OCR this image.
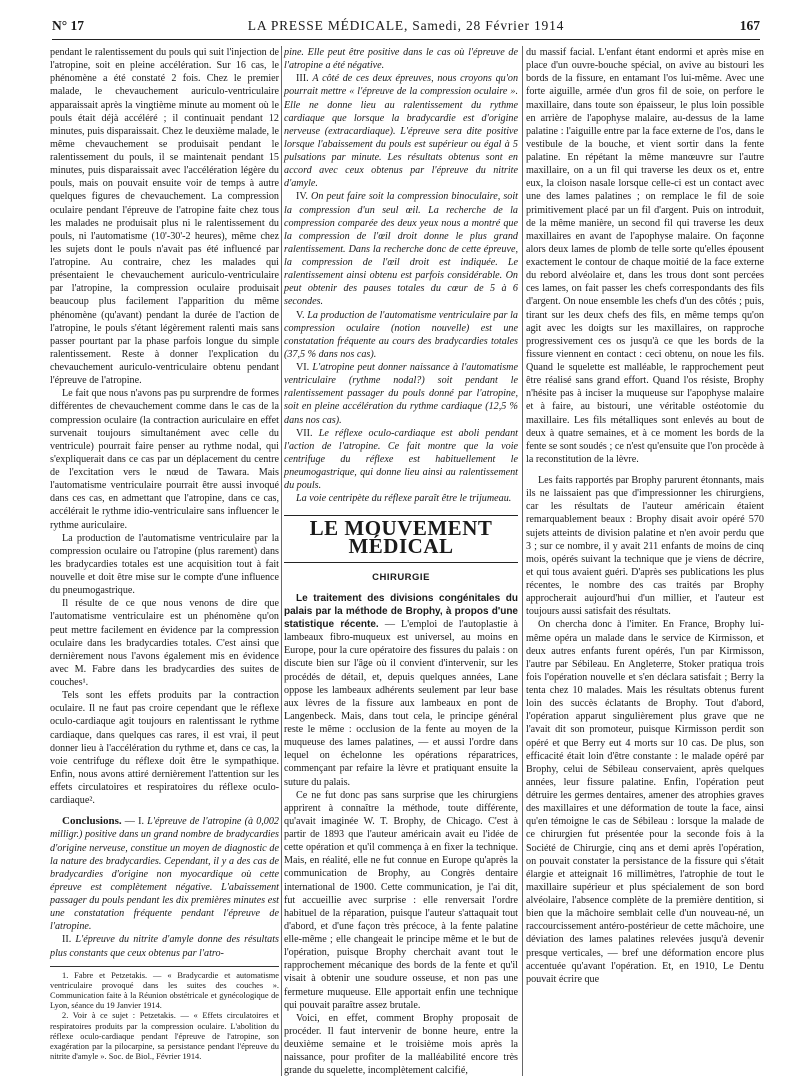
N° 17	LA PRESSE MÉDICALE, Samedi, 28 Février 1914	167

pendant le ralentissement du pouls qui suit l'injection de l'atropine, soit en pleine accélération. Sur 16 cas, le phénomène a été constaté 2 fois. Chez le premier malade, le chevauchement auriculo-ventriculaire apparaissait après la vingtième minute au moment où le pouls était déjà accéléré ; il continuait pendant 12 minutes, puis disparaissait. Chez le deuxième malade, le même chevauchement se produisait pendant le ralentissement du pouls, il se maintenait pendant 15 minutes, puis disparaissait avec l'accélération légère du pouls, mais on pouvait ensuite voir de temps à autre quelques figures de chevauchement. La compression oculaire pendant l'épreuve de l'atropine faite chez tous les malades ne produisait plus ni le ralentissement du pouls, ni l'automatisme (10'-30'-2 heures), même chez les sujets dont le pouls n'avait pas été influencé par l'atropine. Au contraire, chez les malades qui présentaient le chevauchement auriculo-ventriculaire par l'atropine, la compression oculaire produisait beaucoup plus facilement l'apparition du même phénomène (qu'avant) pendant la durée de l'action de l'atropine, le pouls s'étant légèrement ralenti mais sans passer pourtant par la phase parfois longue du simple ralentissement. Reste à donner l'explication du chevauchement auriculo-ventriculaire obtenu pendant l'épreuve de l'atropine.

Le fait que nous n'avons pas pu surprendre de formes différentes de chevauchement comme dans le cas de la compression oculaire (la contraction auriculaire en effet survenait toujours simultanément avec celle du ventricule) pourrait faire penser au rythme nodal, qui s'expliquerait dans ce cas par un déplacement du centre de l'excitation vers le nœud de Tawara. Mais l'automatisme ventriculaire pourrait être aussi invoqué dans ces cas, en admettant que l'atropine, dans ce cas, accélérait le rythme idio-ventriculaire sans influencer le rythme auriculaire.

La production de l'automatisme ventriculaire par la compression oculaire ou l'atropine (plus rarement) dans les bradycardies totales est une acquisition tout à fait nouvelle et doit être mise sur le compte d'une influence du pneumogastrique.

Il résulte de ce que nous venons de dire que l'automatisme ventriculaire est un phénomène qu'on peut mettre facilement en évidence par la compression oculaire dans les bradycardies totales. C'est ainsi que dernièrement nous l'avons également mis en évidence avec M. Fabre dans les bradycardies des suites de couches¹.

Tels sont les effets produits par la contraction oculaire. Il ne faut pas croire cependant que le réflexe oculo-cardiaque agit toujours en ralentissant le rythme cardiaque, dans quelques cas rares, il est vrai, il peut donner lieu à l'accélération du rythme et, dans ce cas, la voie centrifuge du réflexe doit être le sympathique. Enfin, nous avons attiré dernièrement l'attention sur les effets circulatoires et respiratoires du réflexe oculo-cardiaque².

Conclusions. — I. L'épreuve de l'atropine (à 0,002 milligr.) positive dans un grand nombre de bradycardies d'origine nerveuse, constitue un moyen de diagnostic de la nature des bradycardies. Cependant, il y a des cas de bradycardies d'origine non myocardique où cette épreuve est complètement négative. L'abaissement passager du pouls pendant les dix premières minutes est une constatation fréquente pendant l'épreuve de l'atropine.

II. L'épreuve du nitrite d'amyle donne des résultats plus constants que ceux obtenus par l'atro-

1. Fabre et Petzetakis. — « Bradycardie et automatisme ventriculaire provoqué dans les suites des couches ». Communication faite à la Réunion obstétricale et gynécologique de Lyon, séance du 19 Janvier 1914.

2. Voir à ce sujet : Petzetakis. — « Effets circulatoires et respiratoires produits par la compression oculaire. L'abolition du réflexe oculo-cardiaque pendant l'épreuve de l'atropine, son exagération par la pilocarpine, sa persistance pendant l'épreuve du nitrite d'amyle ». Soc. de Biol., Février 1914.

pine. Elle peut être positive dans le cas où l'épreuve de l'atropine a été négative.

III. A côté de ces deux épreuves, nous croyons qu'on pourrait mettre « l'épreuve de la compression oculaire ». Elle ne donne lieu au ralentissement du rythme cardiaque que lorsque la bradycardie est d'origine nerveuse (extracardiaque). L'épreuve sera dite positive lorsque l'abaissement du pouls est supérieur ou égal à 5 pulsations par minute. Les résultats obtenus sont en accord avec ceux obtenus par l'épreuve du nitrite d'amyle.

IV. On peut faire soit la compression binoculaire, soit la compression d'un seul œil. La recherche de la compression comparée des deux yeux nous a montré que la compression de l'œil droit donne le plus grand ralentissement. Dans la recherche donc de cette épreuve, la compression de l'œil droit est indiquée. Le ralentissement ainsi obtenu est parfois considérable. On peut obtenir des pauses totales du cœur de 5 à 6 secondes.

V. La production de l'automatisme ventriculaire par la compression oculaire (notion nouvelle) est une constatation fréquente au cours des bradycardies totales (37,5 % dans nos cas).

VI. L'atropine peut donner naissance à l'automatisme ventriculaire (rythme nodal?) soit pendant le ralentissement passager du pouls donné par l'atropine, soit en pleine accélération du rythme cardiaque (12,5 % dans nos cas).

VII. Le réflexe oculo-cardiaque est aboli pendant l'action de l'atropine. Ce fait montre que la voie centrifuge du réflexe est habituellement le pneumogastrique, qui donne lieu ainsi au ralentissement du pouls.

La voie centripète du réflexe paraît être le trijumeau.

LE MOUVEMENT MÉDICAL
CHIRURGIE

Le traitement des divisions congénitales du palais par la méthode de Brophy, à propos d'une statistique récente. — L'emploi de l'autoplastie à lambeaux fibro-muqueux est universel, au moins en Europe, pour la cure opératoire des fissures du palais : on discute bien sur l'âge où il convient d'intervenir, sur les procédés de détail, et, depuis quelques années, Lane oppose les lambeaux adhérents seulement par leur base aux lèvres de la fissure aux lambeaux en pont de Langenbeck. Mais, dans tout cela, le principe général reste le même : occlusion de la fente au moyen de la muqueuse des lames palatines, — et aussi l'ordre dans lequel on échelonne les opérations réparatrices, commençant par refaire la lèvre et pratiquant ensuite la suture du palais.

Ce ne fut donc pas sans surprise que les chirurgiens apprirent à connaître la méthode, toute différente, qu'avait imaginée W. T. Brophy, de Chicago. C'est à partir de 1893 que l'auteur américain avait eu l'idée de cette opération et qu'il commença à en fixer la technique. Mais, en réalité, elle ne fut connue en Europe qu'après la communication de Brophy, au Congrès dentaire international de 1900. Cette communication, je l'ai dit, fut accueillie avec surprise : elle renversait l'ordre habituel de la réparation, puisque l'auteur s'attaquait tout d'abord, et d'une façon très précoce, à la fente palatine elle-même ; elle changeait le principe même et le but de l'opération, puisque Brophy cherchait avant tout le rapprochement mécanique des bords de la fente et qu'il visait à obtenir une soudure osseuse, et non pas une fermeture muqueuse. Elle apportait enfin une technique qui pouvait paraître assez brutale.

Voici, en effet, comment Brophy proposait de procéder. Il faut intervenir de bonne heure, entre la deuxième semaine et le troisième mois après la naissance, pour profiter de la malléabilité encore très grande du squelette, incomplètement calcifié,

du massif facial. L'enfant étant endormi et après mise en place d'un ouvre-bouche spécial, on avive au bistouri les bords de la fissure, en entamant l'os lui-même. Avec une forte aiguille, armée d'un gros fil de soie, on perfore le maxillaire, dans toute son épaisseur, le plus loin possible en arrière de l'apophyse malaire, au-dessus de la lame palatine : l'aiguille entre par la face externe de l'os, dans le vestibule de la bouche, et vient sortir dans la fente palatine. En répétant la même manœuvre sur l'autre maxillaire, on a un fil qui traverse les deux os et, entre eux, la cloison nasale lorsque celle-ci est un contact avec une des lames palatines ; on remplace le fil de soie primitivement placé par un fil d'argent. Puis on introduit, de la même manière, un second fil qui traverse les deux maxillaires en avant de l'apophyse malaire. On façonne alors deux lames de plomb de telle sorte qu'elles épousent exactement le contour de chaque moitié de la face externe du rebord alvéolaire et, dans les trous dont sont percées ces lames, on fait passer les chefs correspondants des fils d'argent. On noue ensemble les chefs d'un des côtés ; puis, tirant sur les deux chefs des fils, en même temps qu'on agit avec les doigts sur les maxillaires, on rapproche progressivement ces os jusqu'à ce que les bords de la fissure viennent en contact : ceci obtenu, on noue les fils. Quand le squelette est malléable, le rapprochement peut être réalisé sans grand effort. Quand l'os résiste, Brophy n'hésite pas à inciser la muqueuse sur l'apophyse malaire et à faire, au bistouri, une véritable ostéotomie du maxillaire. Les fils métalliques sont enlevés au bout de deux à quatre semaines, et à ce moment les bords de la fente se sont soudés ; ce n'est qu'ensuite que l'on procède à la reconstitution de la lèvre.

Les faits rapportés par Brophy parurent étonnants, mais ils ne laissaient pas que d'impressionner les chirurgiens, car les résultats de l'auteur américain étaient remarquablement beaux : Brophy disait avoir opéré 570 sujets atteints de division palatine et n'en avoir perdu que 3 ; sur ce nombre, il y avait 211 enfants de moins de cinq mois, opérés suivant la technique que je viens de décrire, et qui tous avaient guéri. D'après ses publications les plus récentes, le nombre des cas traités par Brophy approcherait aujourd'hui d'un millier, et l'auteur est toujours aussi satisfait des résultats.

On chercha donc à l'imiter. En France, Brophy lui-même opéra un malade dans le service de Kirmisson, et deux autres enfants furent opérés, l'un par Kirmisson, l'autre par Sébileau. En Angleterre, Stoker pratiqua trois fois l'opération nouvelle et s'en déclara satisfait ; Berry la tenta chez 10 malades. Mais les résultats obtenus furent loin des succès éclatants de Brophy. Tout d'abord, l'opération apparut singulièrement plus grave que ne l'avait dit son promoteur, puisque Kirmisson perdit son opéré et que Berry eut 4 morts sur 10 cas. De plus, son efficacité était loin d'être constante : le malade opéré par Brophy, celui de Sébileau conservaient, après quelques années, leur fissure palatine. Enfin, l'opération peut détruire les germes dentaires, amener des atrophies graves des maxillaires et une déformation de toute la face, ainsi qu'en témoigne le cas de Sébileau : lorsque la malade de ce chirurgien fut présentée pour la seconde fois à la Société de Chirurgie, cinq ans et demi après l'opération, on pouvait constater la persistance de la fissure qui s'était élargie et atteignait 16 millimètres, l'atrophie de tout le maxillaire supérieur et plus spécialement de son bord alvéolaire, l'absence complète de la première dentition, si bien que la mâchoire semblait celle d'un nouveau-né, un raccourcissement antéro-postérieur de cette mâchoire, une déviation des lames palatines relevées jusqu'à devenir presque verticales, — bref une déformation encore plus accentuée qu'avant l'opération. Et, en 1910, Le Dentu pouvait écrire que
